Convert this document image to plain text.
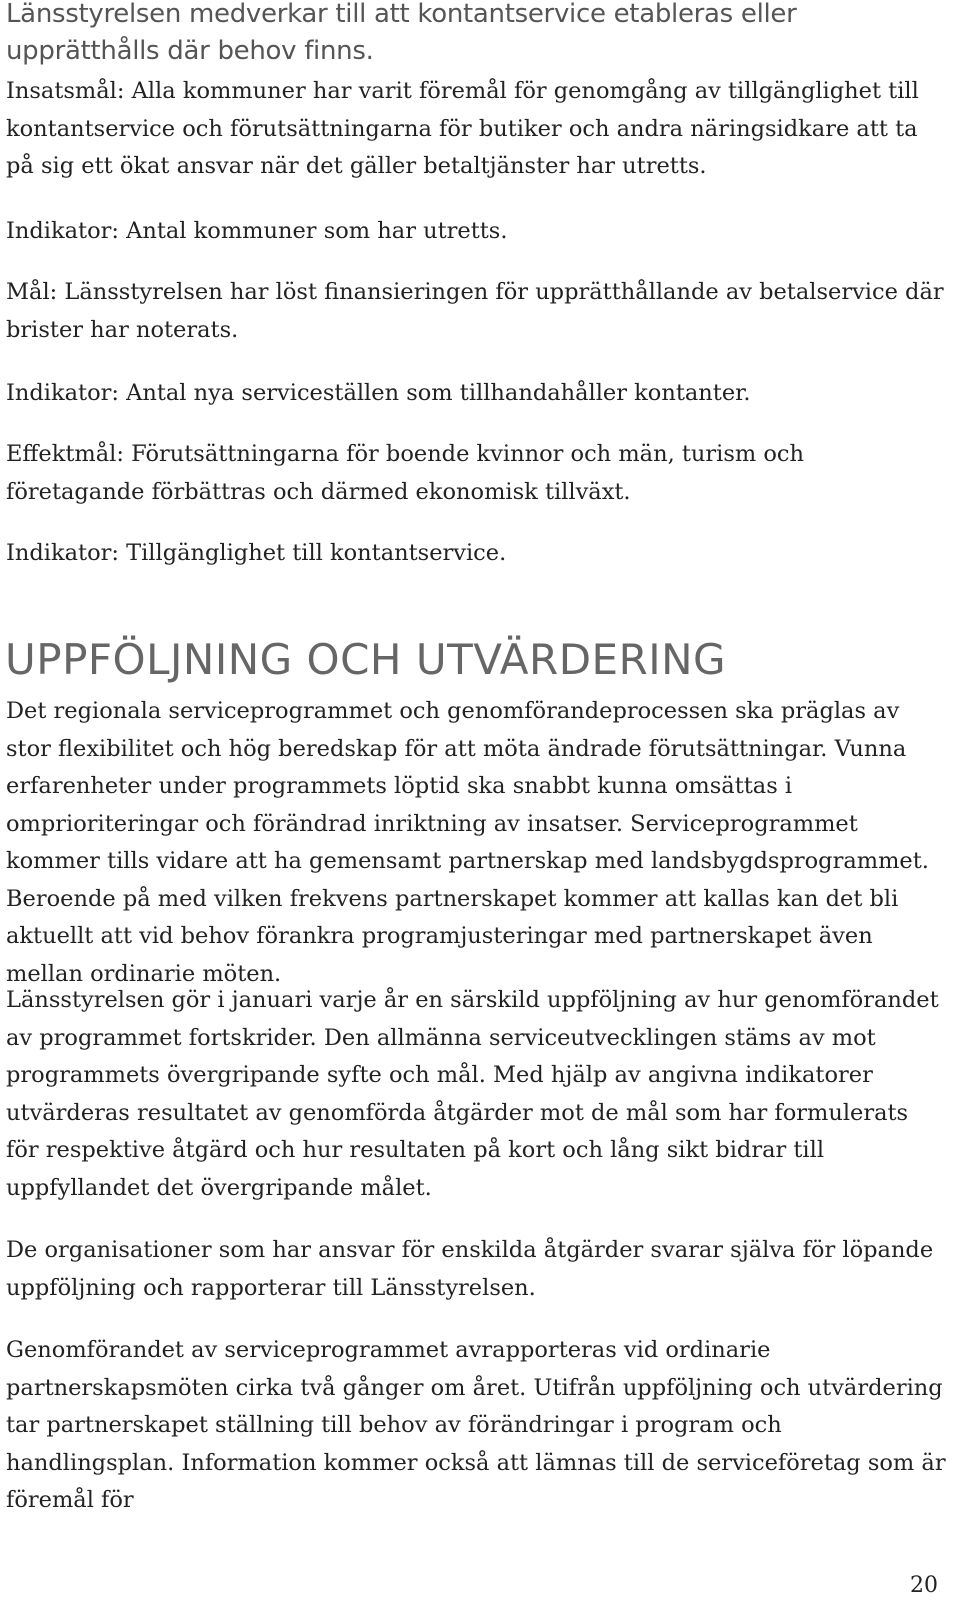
Länsstyrelsen medverkar till att kontantservice etableras eller upprätthålls där behov finns.

Insatsmål: Alla kommuner har varit föremål för genomgång av tillgänglighet till kontantservice och förutsättningarna för butiker och andra näringsidkare att ta på sig ett ökat ansvar när det gäller betaltjänster har utretts.

Indikator: Antal kommuner som har utretts.

Mål: Länsstyrelsen har löst finansieringen för upprätthållande av betalservice där brister har noterats.

Indikator: Antal nya serviceställen som tillhandahåller kontanter.

Effektmål: Förutsättningarna för boende kvinnor och män, turism och företagande förbättras och därmed ekonomisk tillväxt.

Indikator: Tillgänglighet till kontantservice.

UPPFÖLJNING OCH UTVÄRDERING

Det regionala serviceprogrammet och genomförandeprocessen ska präglas av stor flexibilitet och hög beredskap för att möta ändrade förutsättningar. Vunna erfarenheter under programmets löptid ska snabbt kunna omsättas i omprioriteringar och förändrad inriktning av insatser. Serviceprogrammet kommer tills vidare att ha gemensamt partnerskap med landsbygdsprogrammet. Beroende på med vilken frekvens partnerskapet kommer att kallas kan det bli aktuellt att vid behov förankra programjusteringar med partnerskapet även mellan ordinarie möten.

Länsstyrelsen gör i januari varje år en särskild uppföljning av hur genomförandet av programmet fortskrider. Den allmänna serviceutvecklingen stäms av mot programmets övergripande syfte och mål. Med hjälp av angivna indikatorer utvärderas resultatet av genomförda åtgärder mot de mål som har formulerats för respektive åtgärd och hur resultaten på kort och lång sikt bidrar till uppfyllandet det övergripande målet.

De organisationer som har ansvar för enskilda åtgärder svarar själva för löpande uppföljning och rapporterar till Länsstyrelsen.

Genomförandet av serviceprogrammet avrapporteras vid ordinarie partnerskapsmöten cirka två gånger om året. Utifrån uppföljning och utvärdering tar partnerskapet ställning till behov av förändringar i program och handlingsplan. Information kommer också att lämnas till de serviceföretag som är föremål för

20
